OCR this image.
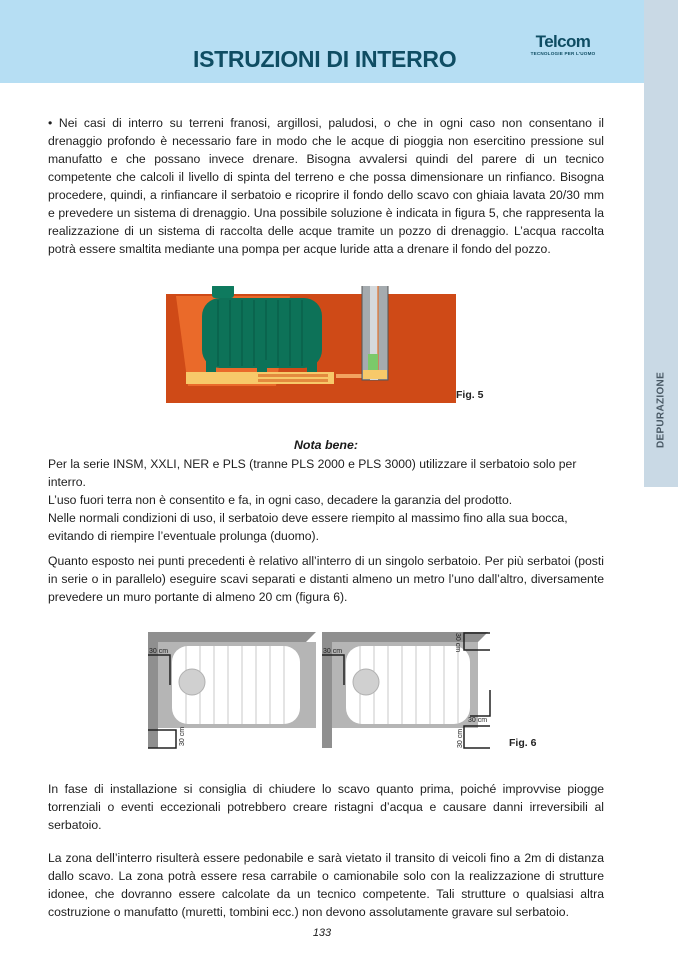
DEPURAZIONE
ISTRUZIONI DI INTERRO
Telcom
TECNOLOGIE PER L'UOMO

• Nei casi di interro su terreni franosi, argillosi, paludosi, o che in ogni caso non consentano il drenaggio profondo è necessario fare in modo che le acque di pioggia non esercitino pressione sul manufatto e che possano invece drenare. Bisogna avvalersi quindi del parere di un tecnico competente che calcoli il livello di spinta del terreno e che possa dimensionare un rinfianco. Bisogna procedere, quindi, a rinfiancare il serbatoio e ricoprire il fondo dello scavo con ghiaia lavata 20/30 mm e prevedere un sistema di drenaggio. Una possibile soluzione è indicata in figura 5, che rappresenta la realizzazione di un sistema di raccolta delle acque tramite un pozzo di drenaggio. L’acqua raccolta potrà essere smaltita mediante una pompa per acque luride atta a drenare il fondo del pozzo.

Fig. 5
Nota bene:

Per la serie INSM, XXLI, NER e PLS (tranne PLS 2000 e PLS 3000) utilizzare il serbatoio solo per interro.

L’uso fuori terra non è consentito e fa, in ogni caso, decadere la garanzia del prodotto.

Nelle normali condizioni di uso, il serbatoio deve essere riempito al massimo fino alla sua bocca, evitando di riempire l’eventuale prolunga (duomo).

Quanto esposto nei punti precedenti è relativo all’interro di un singolo serbatoio. Per più serbatoi (posti in serie o in parallelo) eseguire scavi separati e distanti almeno un metro l’uno dall’altro, diversamente prevedere un muro portante di almeno 20 cm (figura 6).

30 cm
30 cm
30 cm	30 cm
30 cm
30 cm	Fig. 6

In fase di installazione si consiglia di chiudere lo scavo quanto prima, poiché improvvise piogge torrenziali o eventi eccezionali potrebbero creare ristagni d’acqua e causare danni irreversibili al serbatoio.

La zona dell’interro risulterà essere pedonabile e sarà vietato il transito di veicoli fino a 2m di distanza dallo scavo. La zona potrà essere resa carrabile o camionabile solo con la realizzazione di strutture idonee, che dovranno essere calcolate da un tecnico competente. Tali strutture o qualsiasi altra costruzione o manufatto (muretti, tombini ecc.) non devono assolutamente gravare sul serbatoio.

133
